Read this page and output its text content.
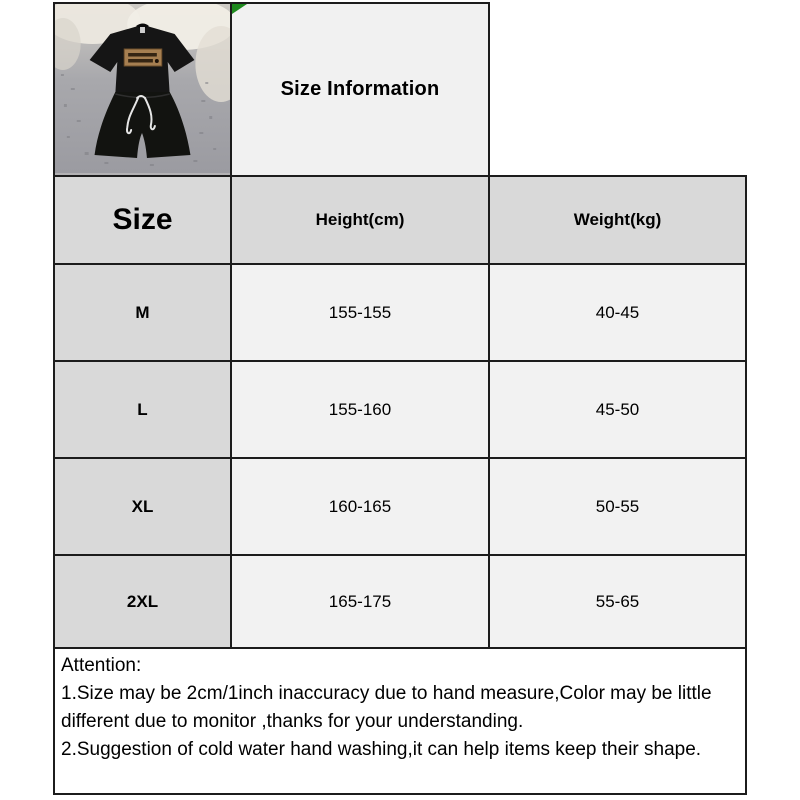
Size Information	
Size	Height(cm)	Weight(kg)
M	155-155	40-45
L	155-160	45-50
XL	160-165	50-55
2XL	165-175	55-65

Attention:
1.Size may be 2cm/1inch inaccuracy due to hand measure,Color may be little different due to monitor ,thanks for your understanding.
2.Suggestion of cold water hand washing,it can help items keep their shape.		
